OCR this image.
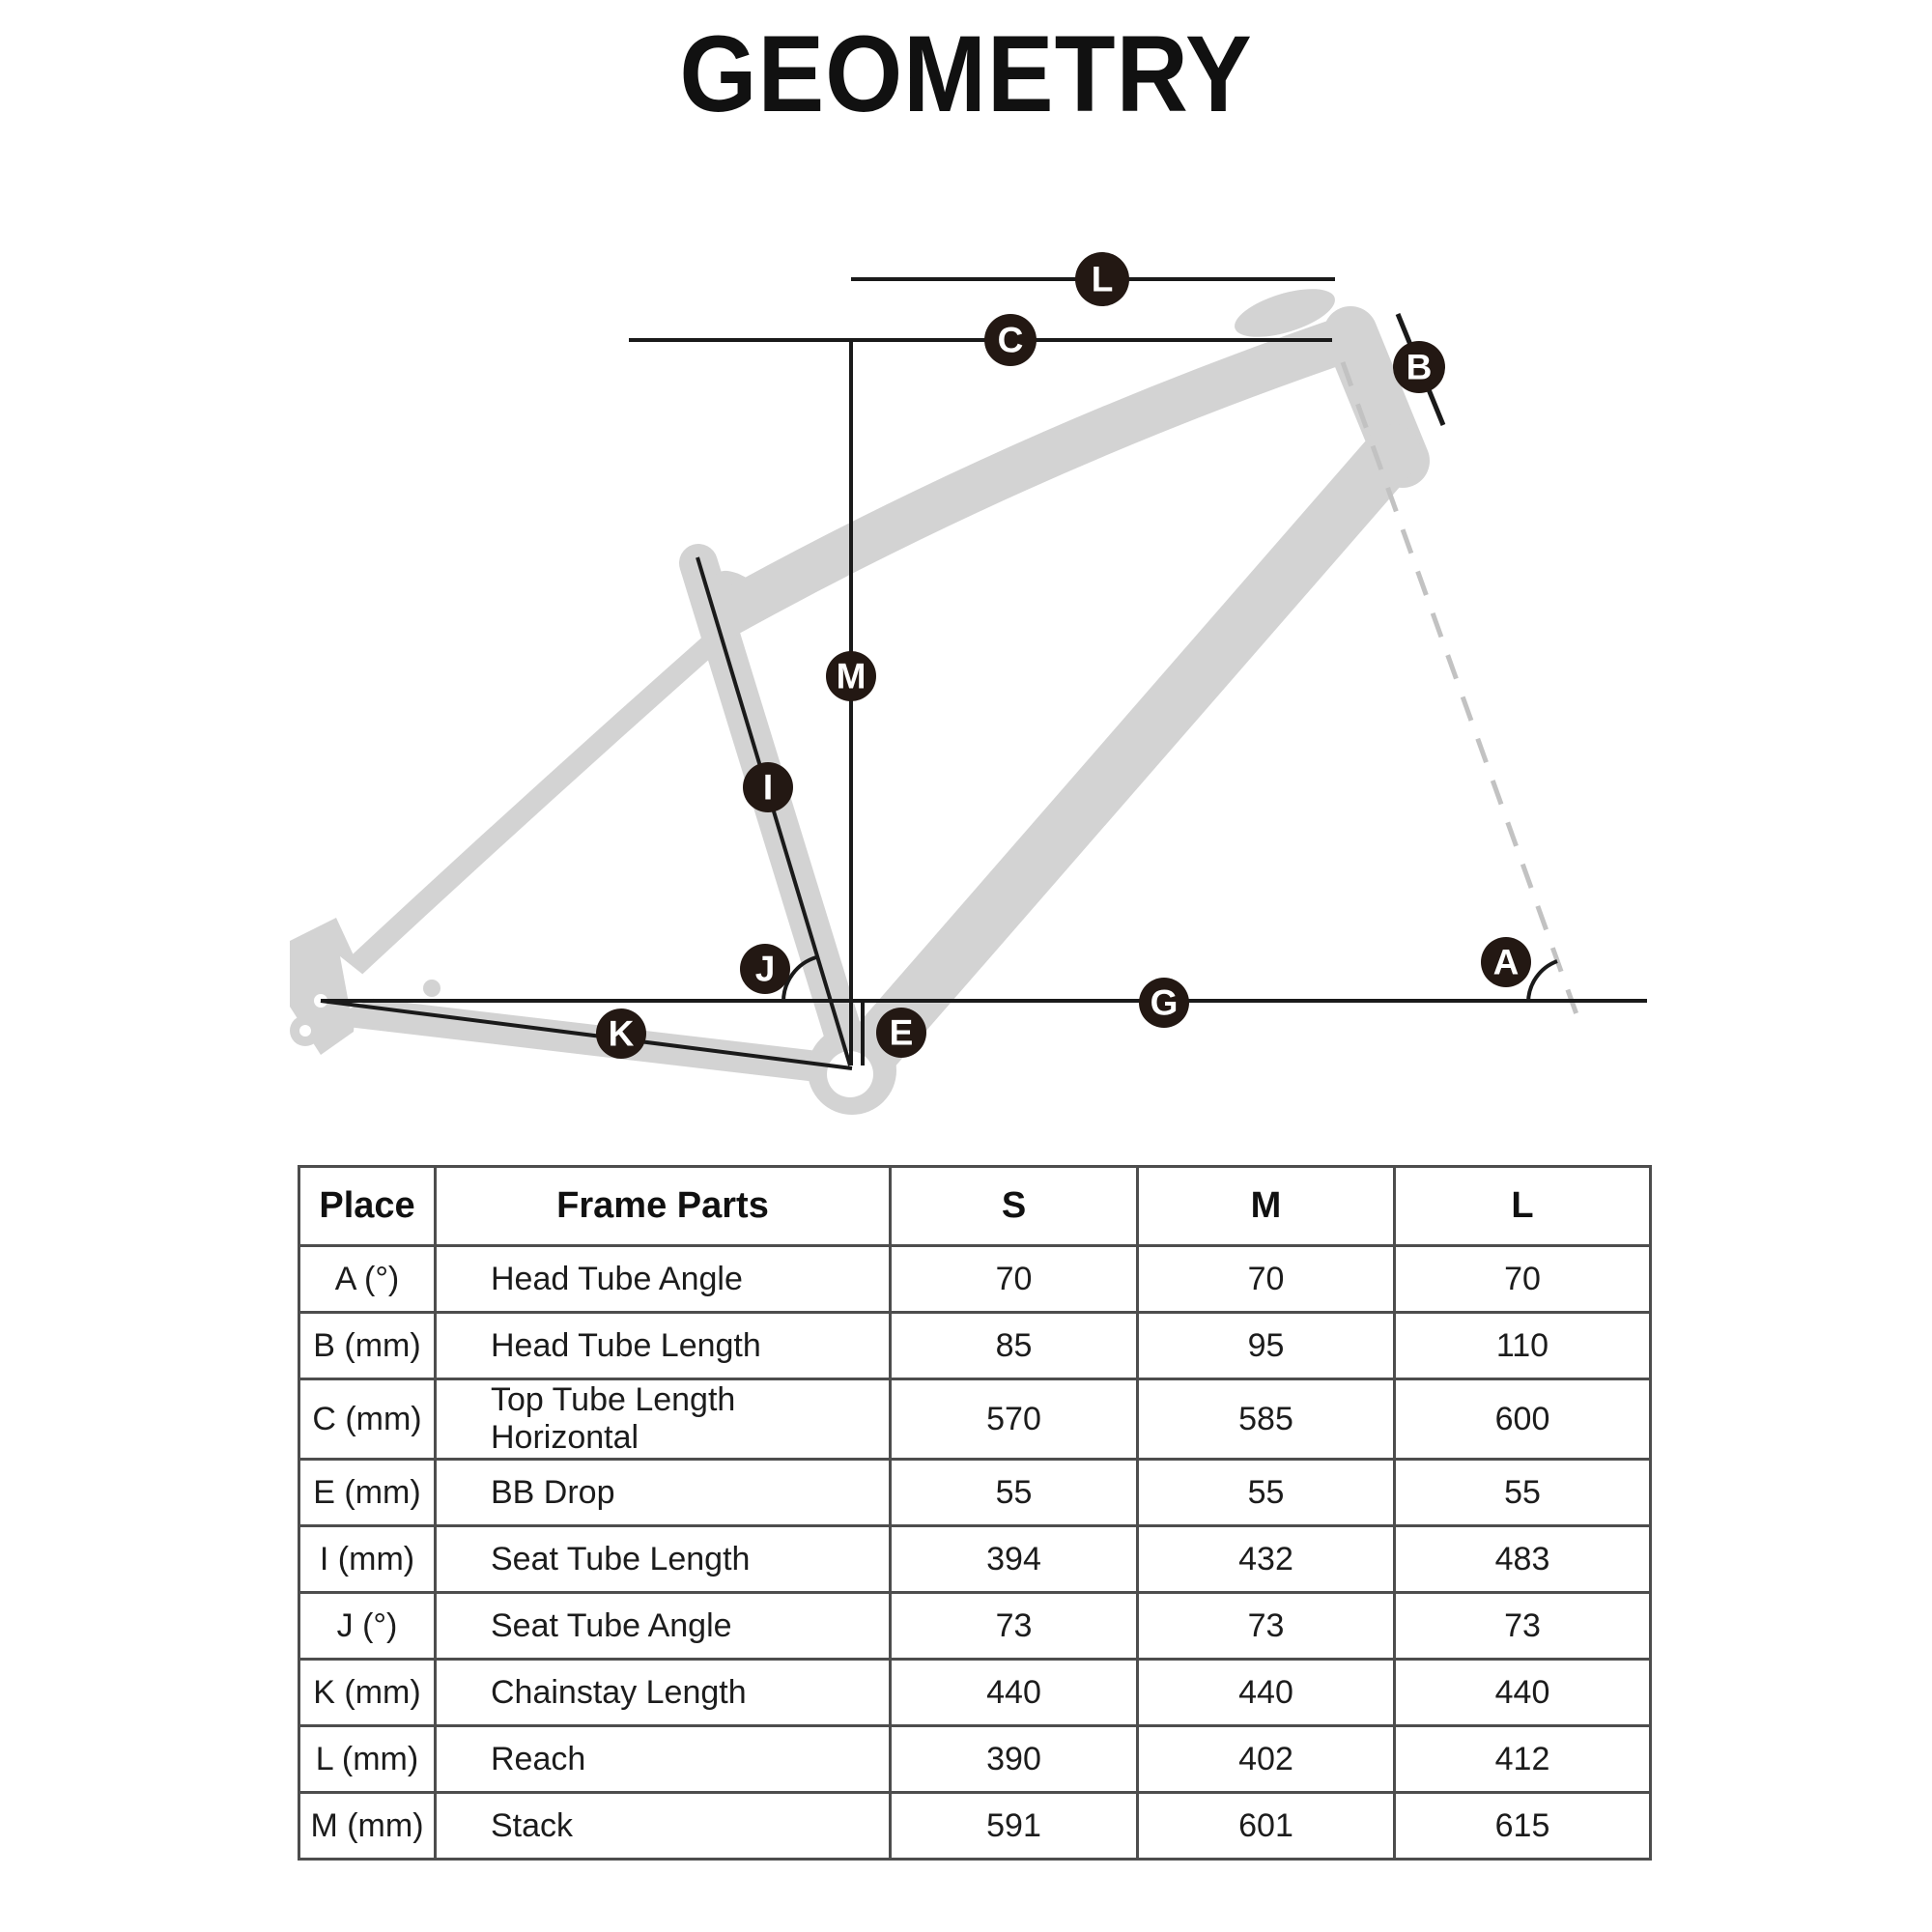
GEOMETRY
L
C
B
M
I
J
K	E
G
A
Place	Frame Parts	S	M	L
A (°)	Head Tube Angle	70	70	70
B (mm)	Head Tube Length	85	95	110
C (mm)	Top Tube Length Horizontal	570	585	600
E (mm)	BB Drop	55	55	55
I (mm)	Seat Tube Length	394	432	483
J (°)	Seat Tube Angle	73	73	73
K (mm)	Chainstay Length	440	440	440
L (mm)	Reach	390	402	412
M (mm)	Stack	591	601	615
